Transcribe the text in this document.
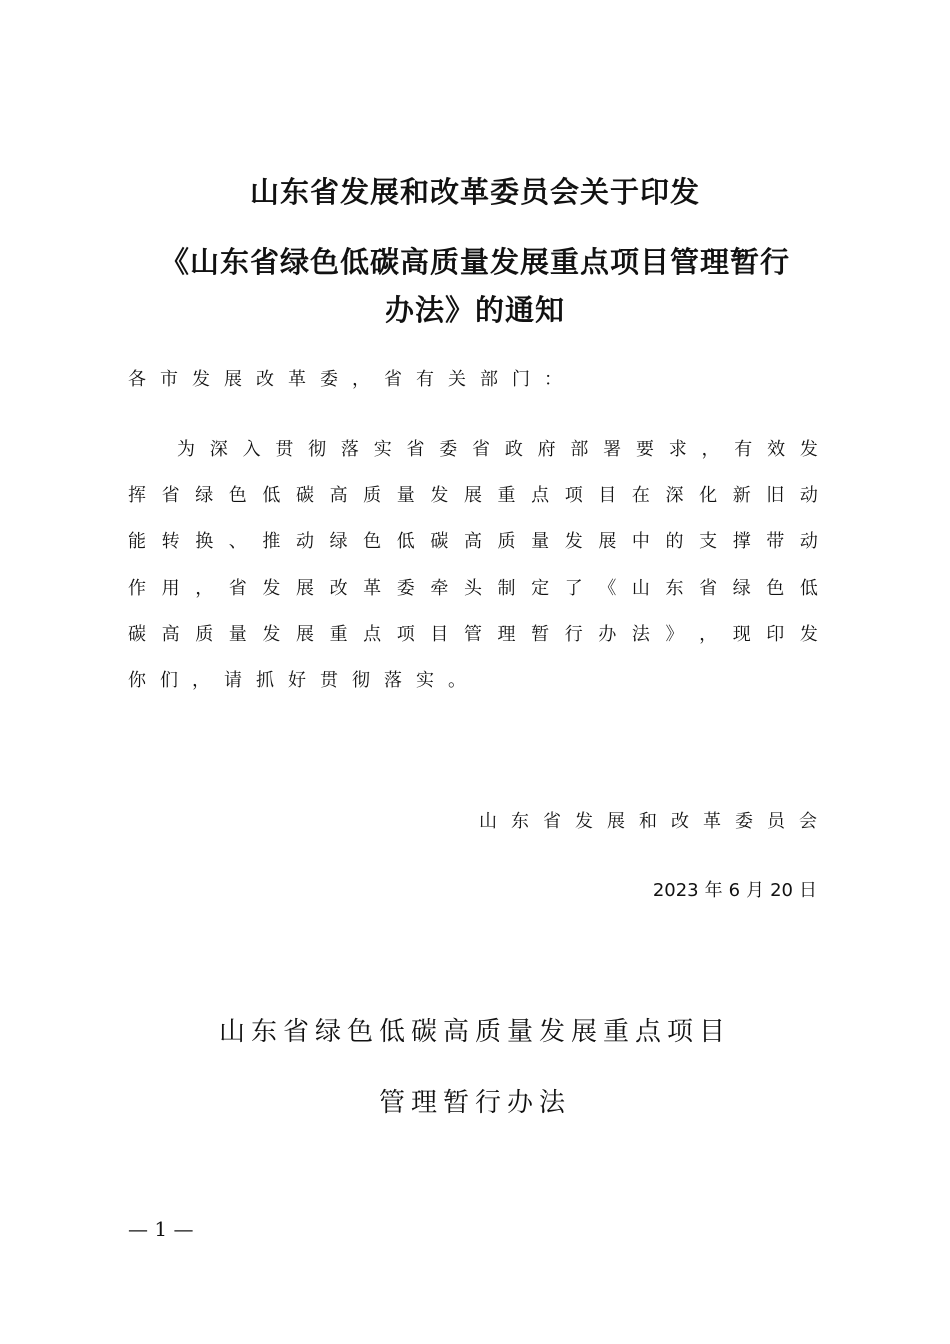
山东省发展和改革委员会关于印发
《山东省绿色低碳高质量发展重点项目管理暂行
办法》的通知
各市发展改革委，省有关部门：
为 深 入 贯 彻 落 实 省 委 省 政 府 部 署 要 求 ， 有 效 发
挥 省 绿 色 低 碳 高 质 量 发 展 重 点 项 目 在 深 化 新 旧 动
能 转 换 、 推 动 绿 色 低 碳 高 质 量 发 展 中 的 支 撑 带 动
作 用 ， 省 发 展 改 革 委 牵 头 制 定 了 《 山 东 省 绿 色 低
碳 高 质 量 发 展 重 点 项 目 管 理 暂 行 办 法 》 ， 现 印 发
你们，请抓好贯彻落实。
山东省发展和改革委员会
2023 年 6 月 20 日
山东省绿色低碳高质量发展重点项目
管理暂行办法
— 1 —
